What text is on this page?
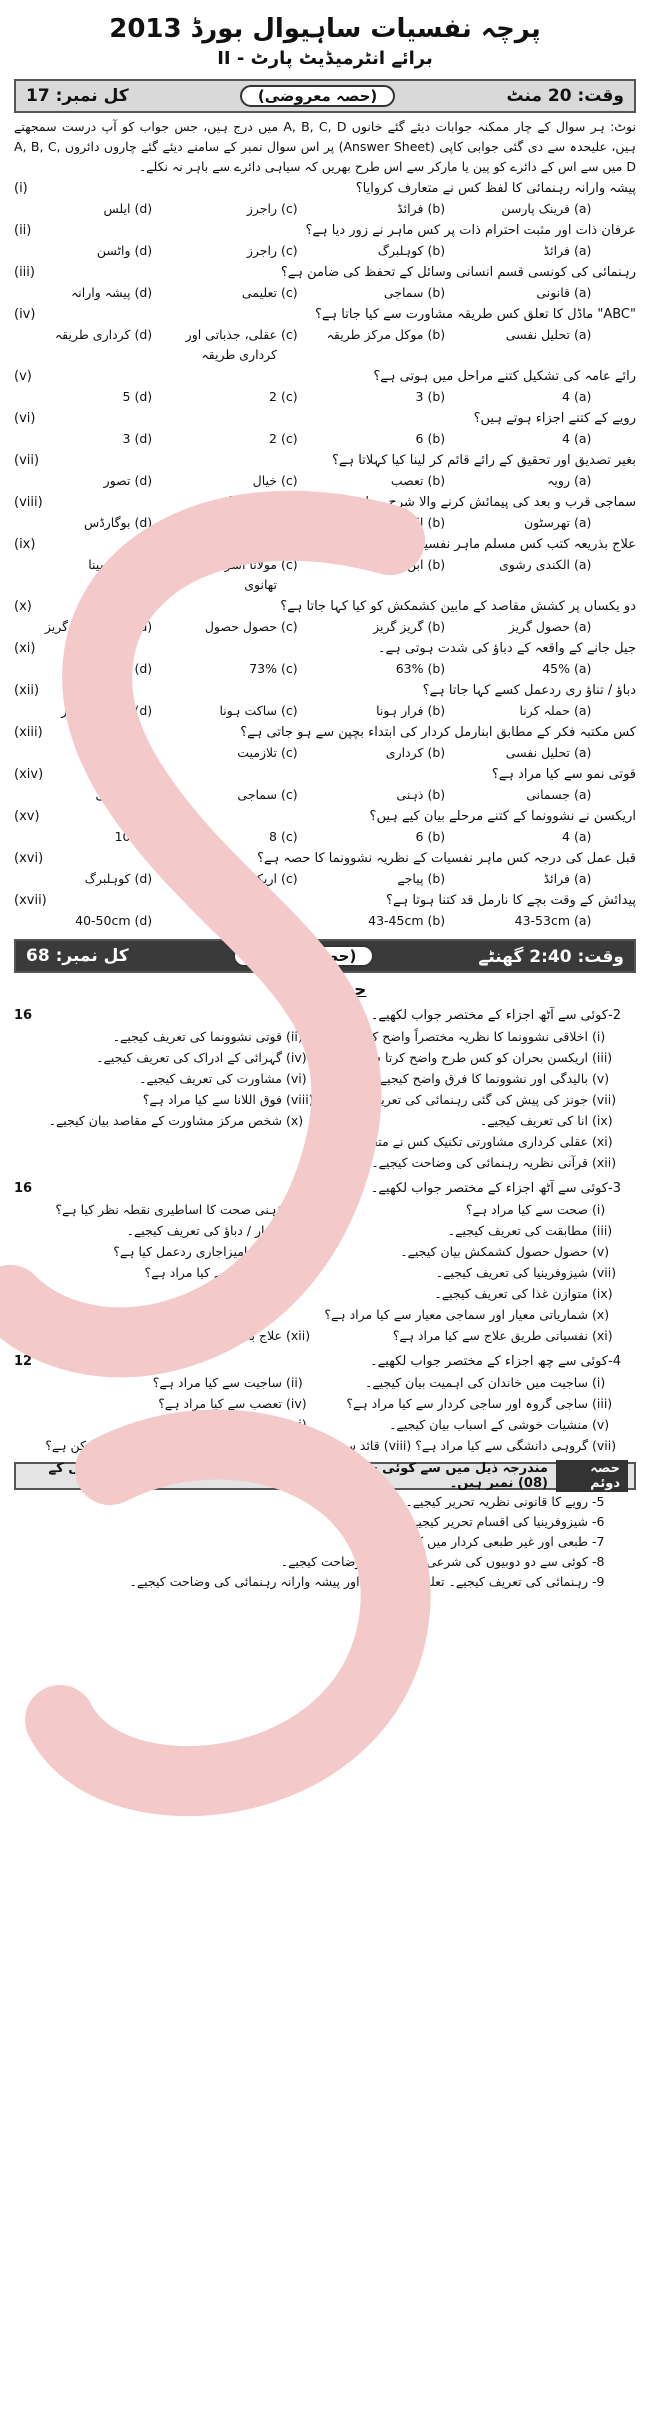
پرچہ نفسیات ساہیوال بورڈ 2013
برائے انٹرمیڈیٹ پارٹ - II
وقت: 20 منٹ
(حصہ معروضی)
کل نمبر: 17
نوٹ: ہر سوال کے چار ممکنہ جوابات دیئے گئے خانوں A, B, C, D میں درج ہیں، جس جواب کو آپ درست سمجھتے ہیں، علیحدہ سے دی گئی جوابی کاپی (Answer Sheet) پر اس سوال نمبر کے سامنے دیئے گئے چاروں دائروں A, B, C, D میں سے اس کے دائرے کو پین یا مارکر سے اس طرح بھریں کہ سیاہی دائرے سے باہر نہ نکلے۔
پیشہ وارانہ رہنمائی کا لفظ کس نے متعارف کروایا؟
(i)
(a)
فرینک پارسن
(b)
فرائڈ
(c)
راجرز
(d)
ایلس
عرفان ذات اور مثبت احترام ذات پر کس ماہر نے زور دیا ہے؟
(ii)
(a)
فرائڈ
(b)
کوہلبرگ
(c)
راجرز
(d)
واٹسن
رہنمائی کی کونسی قسم انسانی وسائل کے تحفظ کی ضامن ہے؟
(iii)
(a)
قانونی
(b)
سماجی
(c)
تعلیمی
(d)
پیشہ وارانہ
"ABC" ماڈل کا تعلق کس طریقہ مشاورت سے کیا جاتا ہے؟
(iv)
(a)
تحلیل نفسی
(b)
موکل مرکز طریقہ
(c)
عقلی، جذباتی اور کرداری طریقہ
(d)
کرداری طریقہ
رائے عامہ کی تشکیل کتنے مراحل میں ہوتی ہے؟
(v)
(a)
4
(b)
3
(c)
2
(d)
5
رویے کے کتنے اجزاء ہوتے ہیں؟
(vi)
(a)
4
(b)
6
(c)
2
(d)
3
بغیر تصدیق اور تحقیق کے رائے قائم کر لینا کیا کہلاتا ہے؟
(vii)
(a)
رویہ
(b)
تعصب
(c)
خیال
(d)
تصور
سماجی قرب و بعد کی پیمائش کرنے والا شرح پیمانہ کس کا وضع کردہ ہے؟
(viii)
(a)
تھرسٹون
(b)
لکرٹ
(c)
گٹ مین
(d)
بوگارڈس
علاج بذریعہ کتب کس مسلم ماہر نفسیات کی تکنیک ہے؟
(ix)
(a)
الکندی رشوی
(b)
ابن عربی
(c)
مولانا اشرف علی تھانوی
(d)
ابن سینا
دو یکساں پر کشش مقاصد کے مابین کشمکش کو کیا کہا جاتا ہے؟
(x)
(a)
حصول گریز
(b)
گریز گریز
(c)
حصول حصول
(d)
کثیر حصول گریز
جیل جانے کے واقعہ کے دباؤ کی شدت ہوتی ہے۔
(xi)
(a)
45%
(b)
63%
(c)
73%
(d)
38%
دباؤ / تناؤ ری ردعمل کسے کہا جاتا ہے؟
(xii)
(a)
حملہ کرنا
(b)
فرار ہونا
(c)
ساکت ہونا
(d)
مقابلہ یا فرار
کس مکتبہ فکر کے مطابق ابنارمل کردار کی ابتداء بچپن سے ہو جاتی ہے؟
(xiii)
(a)
تحلیل نفسی
(b)
کرداری
(c)
تلازمیت
(d)
تشکیلیت
قوتی نمو سے کیا مراد ہے؟
(xiv)
(a)
جسمانی
(b)
ذہنی
(c)
سماجی
(d)
اخلاقی
اریکسن نے نشوونما کے کتنے مرحلے بیان کیے ہیں؟
(xv)
(a)
4
(b)
6
(c)
8
(d)
10
قبل عمل کی درجہ کس ماہر نفسیات کے نظریہ نشوونما کا حصہ ہے؟
(xvi)
(a)
فرائڈ
(b)
پیاجے
(c)
اریکسن
(d)
کوہلبرگ
پیدائش کے وقت بچے کا نارمل قد کتنا ہوتا ہے؟
(xvii)
(a)
43-53cm
(b)
43-45cm
(c)
40-47cm
(d)
40-50cm
وقت: 2:40 گھنٹے
(حصہ انشائیہ)
کل نمبر: 68
حصہ اول:
-2
کوئی سے آٹھ اجزاء کے مختصر جواب لکھیے۔
16
(i)
اخلاقی نشوونما کا نظریہ مختصراً واضح کیجیے۔
(ii)
قوتی نشوونما کی تعریف کیجیے۔
(iii)
اریکسن بحران کو کس طرح واضح کرتا ہے؟
(iv)
گہرائی کے ادراک کی تعریف کیجیے۔
(v)
بالیدگی اور نشوونما کا فرق واضح کیجیے۔
(vi)
مشاورت کی تعریف کیجیے۔
(vii)
جونز کی پیش کی گئی رہنمائی کی تعریف لکھیے۔
(viii)
فوق اللانا سے کیا مراد ہے؟
(ix)
انا کی تعریف کیجیے۔
(x)
شخص مرکز مشاورت کے مقاصد بیان کیجیے۔
(xi)
عقلی کرداری مشاورتی تکنیک کس نے متعارف کروائی۔
(xii)
قرآنی نظریہ رہنمائی کی وضاحت کیجیے۔
-3
کوئی سے آٹھ اجزاء کے مختصر جواب لکھیے۔
16
(i)
صحت سے کیا مراد ہے؟
(ii)
ذہنی صحت کا اساطیری نقطہ نظر کیا ہے؟
(iii)
مطابقت کی تعریف کیجیے۔
(iv)
فشار / دباؤ کی تعریف کیجیے۔
(v)
حصول حصول کشمکش بیان کیجیے۔
(vi)
تسلط امیزاجاری ردعمل کیا ہے؟
(vii)
شیزوفرینیا کی تعریف کیجیے۔
(viii)
بے خوابی سے کیا مراد ہے؟
(ix)
متوازن غذا کی تعریف کیجیے۔
(x)
شماریاتی معیار اور سماجی معیار سے کیا مراد ہے؟
(xi)
نفسیاتی طریق علاج سے کیا مراد ہے؟
(xii)
علاج بذریعہ کتب سے کیا مراد ہے؟
-4
کوئی سے چھ اجزاء کے مختصر جواب لکھیے۔
12
(i)
ساجیت میں خاندان کی اہمیت بیان کیجیے۔
(ii)
ساجیت سے کیا مراد ہے؟
(iii)
ساجی گروہ اور ساجی کردار سے کیا مراد ہے؟
(iv)
تعصب سے کیا مراد ہے؟
(v)
منشیات خوشی کے اسباب بیان کیجیے۔
(vi)
رویہ کی تعریف کیجیے۔
(vii)
گروہی دانشگی سے کیا مراد ہے؟ (viii) قائد سے کیا مراد ہے؟ (ix) تشدد کا سدباب کس طرح ممکن ہے؟
حصہ دوئم
مندرجہ ذیل میں سے کوئی سے تین سوالات کے جوابات تحریر کیجیے ہر سوال کے (08) نمبر ہیں۔
-5
رویے کا قانونی نظریہ تحریر کیجیے۔
-6
شیزوفرینیا کی اقسام تحریر کیجیے۔
-7
طبعی اور غیر طبعی کردار میں کیا فرق ہے؟
-8
کوئی سے دو دوبیوں کی شرعی پہلوؤں کی وضاحت کیجیے۔
-9
رہنمائی کی تعریف کیجیے۔ تعلیمی رہنمائی اور پیشہ وارانہ رہنمائی کی وضاحت کیجیے۔
